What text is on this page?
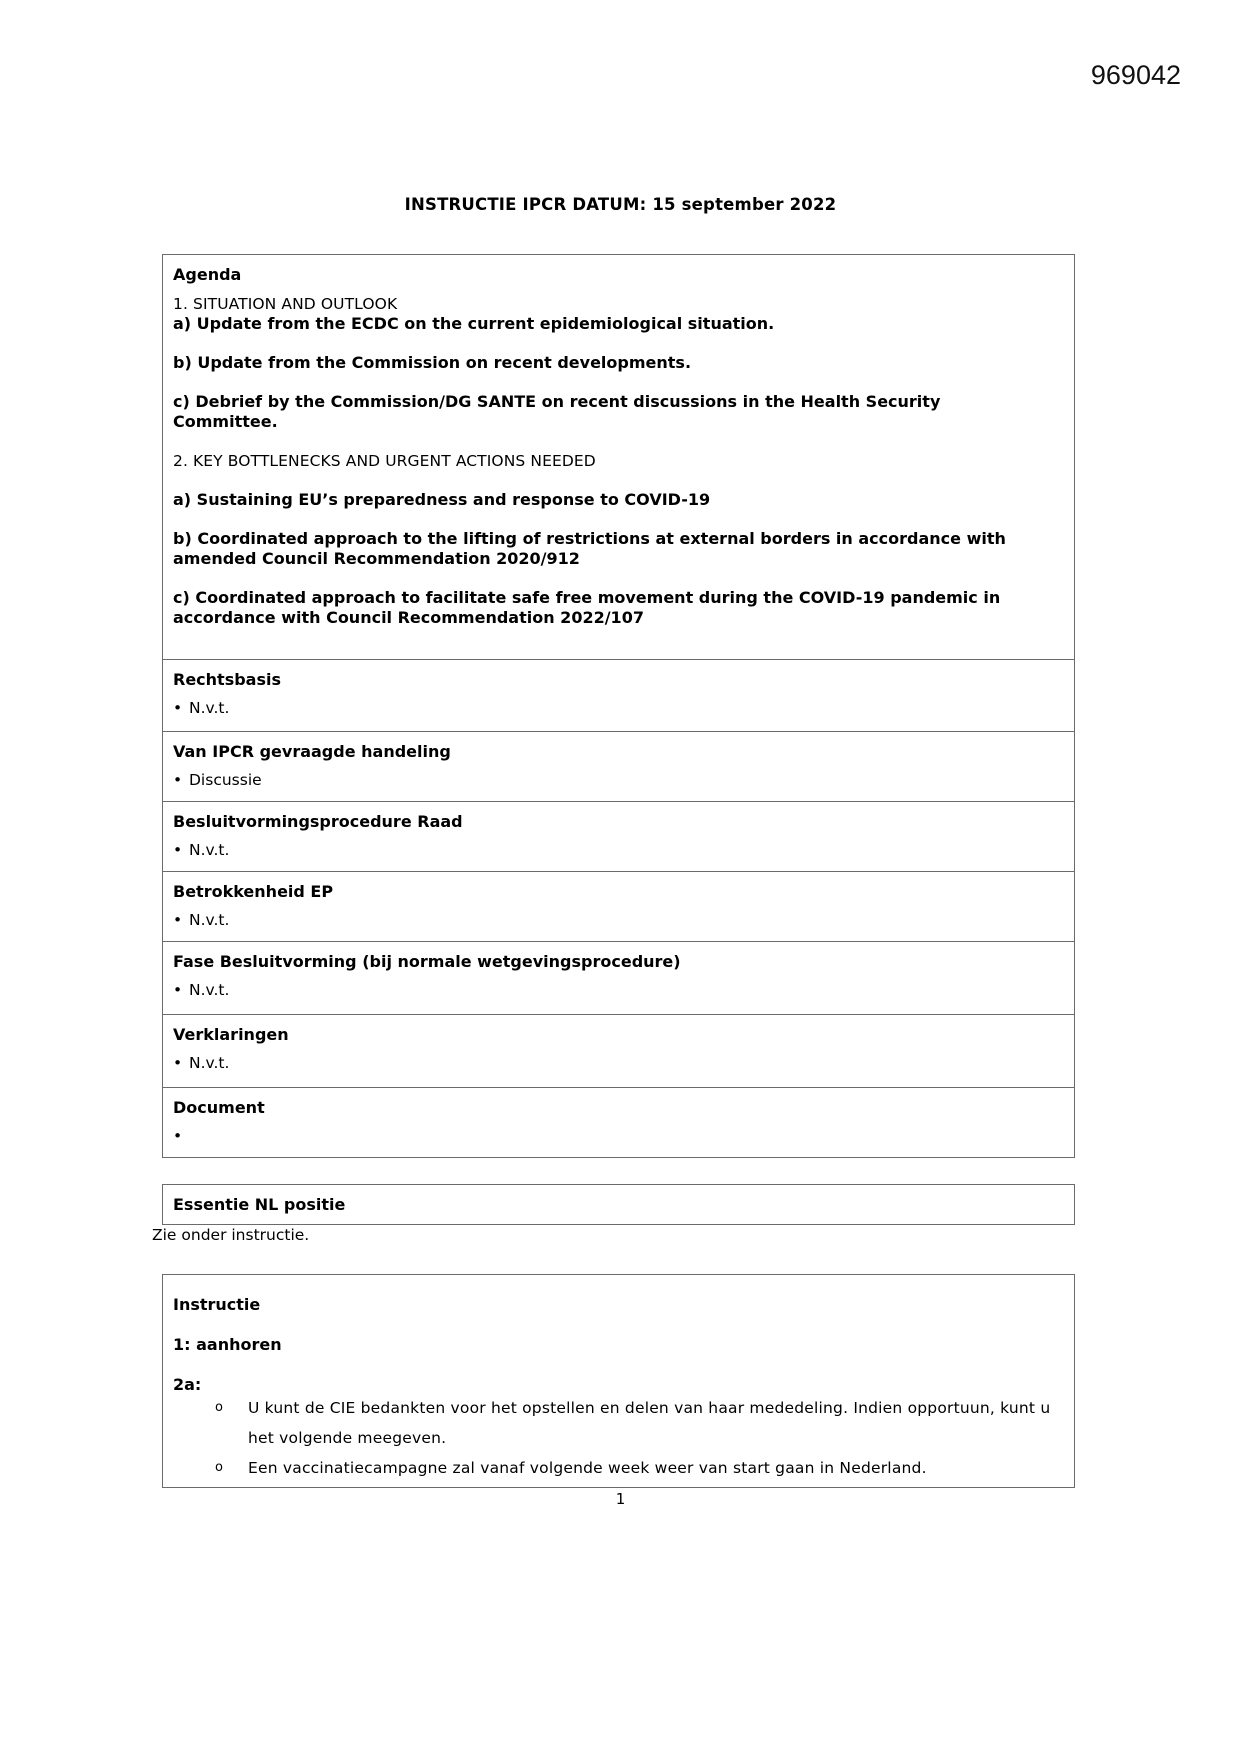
969042
INSTRUCTIE IPCR DATUM: 15 september 2022
Agenda
1. SITUATION AND OUTLOOK
a) Update from the ECDC on the current epidemiological situation.
b) Update from the Commission on recent developments.
c) Debrief by the Commission/DG SANTE on recent discussions in the Health Security
Committee.
2. KEY BOTTLENECKS AND URGENT ACTIONS NEEDED
a) Sustaining EU’s preparedness and response to COVID-19
b) Coordinated approach to the lifting of restrictions at external borders in accordance with
amended Council Recommendation 2020/912
c) Coordinated approach to facilitate safe free movement during the COVID-19 pandemic in
accordance with Council Recommendation 2022/107
Rechtsbasis
• N.v.t.
Van IPCR gevraagde handeling
• Discussie
Besluitvormingsprocedure Raad
• N.v.t.
Betrokkenheid EP
• N.v.t.
Fase Besluitvorming (bij normale wetgevingsprocedure)
• N.v.t.
Verklaringen
• N.v.t.
Document
•
Essentie NL positie
Zie onder instructie.
Instructie
1: aanhoren
2a:
o U kunt de CIE bedankten voor het opstellen en delen van haar mededeling. Indien opportuun, kunt u
het volgende meegeven.
o Een vaccinatiecampagne zal vanaf volgende week weer van start gaan in Nederland.
1
